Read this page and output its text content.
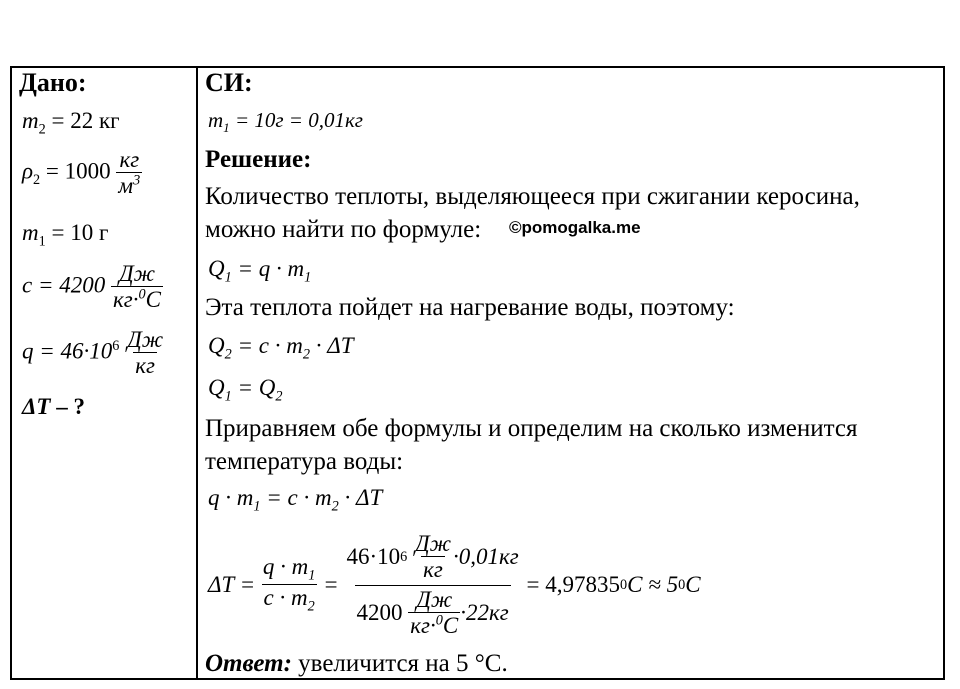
Дано:
$m_2 = 22$ кг
$\rho_2 = 1000 \frac{кг}{м^3}$
$m_1 = 10$ г
$c = 4200 \frac{Дж}{кг\cdot^0C}$
$q = 46\cdot 10^6 \frac{Дж}{кг}$
ΔT – ?
СИ:
$m_1 = 10г = 0,01кг$
Решение:
Количество теплоты, выделяющееся при сжигании керосина,
можно найти по формуле: ©pomogalka.me
$Q_1 = q \cdot m_1$
Эта теплота пойдет на нагревание воды, поэтому:
$Q_2 = c \cdot m_2 \cdot \Delta T$
$Q_1 = Q_2$
Приравняем обе формулы и определим на сколько изменится
температура воды:
$q \cdot m_1 = c \cdot m_2 \cdot \Delta T$
ΔT =
$\frac{q \cdot m_1}{c \cdot m_2}$
=
46·10 6
$\frac{Дж}{кг} \cdot 0,01кг$
4200
$\frac{Дж}{кг\cdot^0C} \cdot 22кг$
= 4,97835 0 C ≈ 5 0 C
Ответ: увеличится на 5 °С.
